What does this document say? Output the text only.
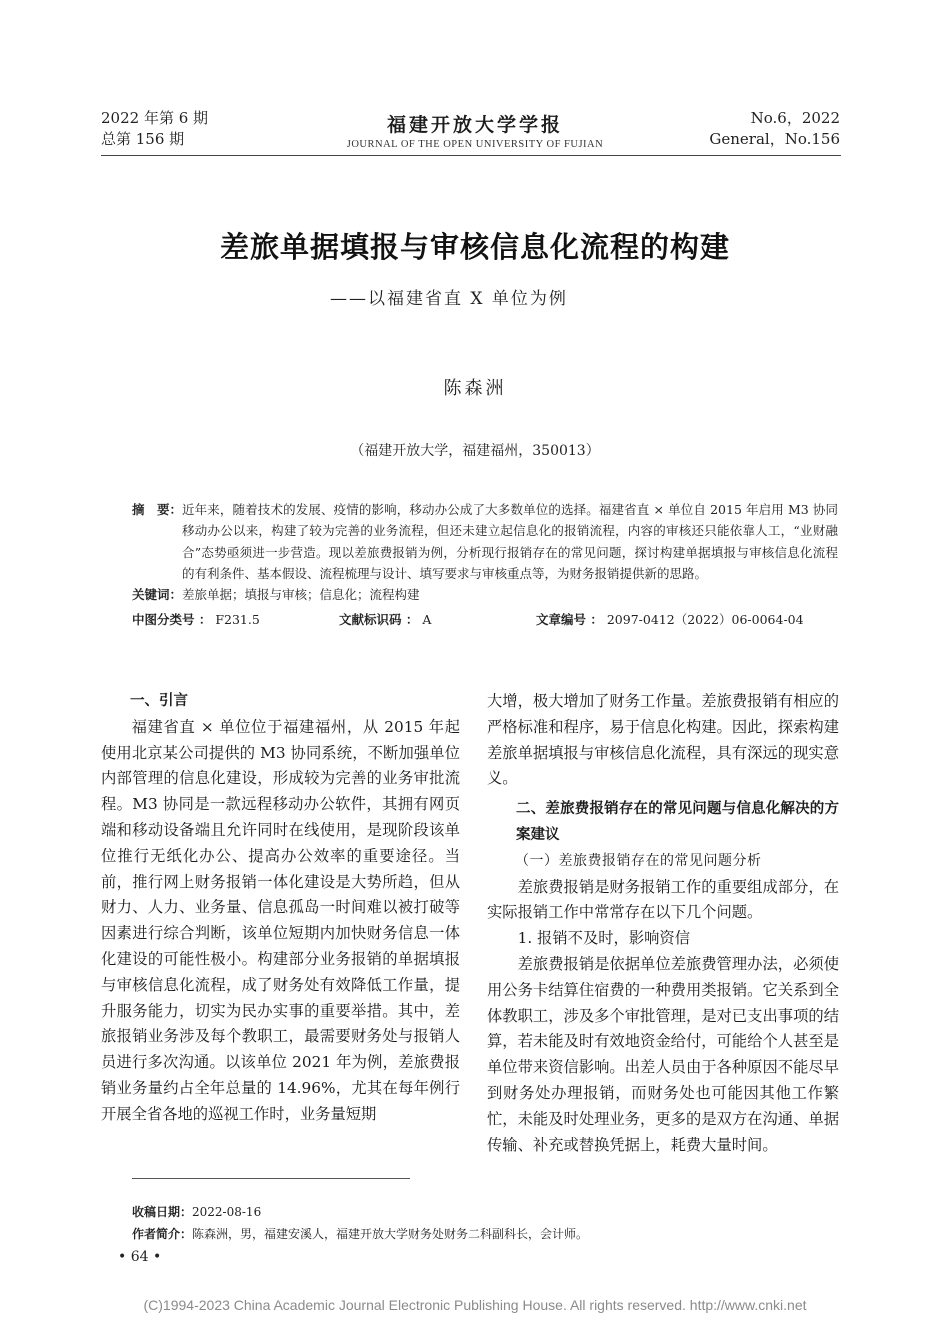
2022 年第 6 期
总第 156 期
福建开放大学学报
JOURNAL OF THE OPEN UNIVERSITY OF FUJIAN
No.6，2022
General，No.156
差旅单据填报与审核信息化流程的构建
——以福建省直 X 单位为例
陈森洲
（福建开放大学，福建福州，350013）
摘　要： 近年来，随着技术的发展、疫情的影响，移动办公成了大多数单位的选择。福建省直 × 单位自 2015 年启用 M3 协同移动办公以来，构建了较为完善的业务流程，但还未建立起信息化的报销流程，内容的审核还只能依靠人工，“业财融合”态势亟须进一步营造。现以差旅费报销为例，分析现行报销存在的常见问题，探讨构建单据填报与审核信息化流程的有利条件、基本假设、流程梳理与设计、填写要求与审核重点等，为财务报销提供新的思路。
关键词：差旅单据；填报与审核；信息化；流程构建
中图分类号 ： F231.5	文献标识码 ： A	文章编号 ： 2097-0412（2022）06-0064-04

一、引言

福建省直 × 单位位于福建福州，从 2015 年起使用北京某公司提供的 M3 协同系统，不断加强单位内部管理的信息化建设，形成较为完善的业务审批流程。M3 协同是一款远程移动办公软件，其拥有网页端和移动设备端且允许同时在线使用，是现阶段该单位推行无纸化办公、提高办公效率的重要途径。当前，推行网上财务报销一体化建设是大势所趋，但从财力、人力、业务量、信息孤岛一时间难以被打破等因素进行综合判断，该单位短期内加快财务信息一体化建设的可能性极小。构建部分业务报销的单据填报与审核信息化流程，成了财务处有效降低工作量，提升服务能力，切实为民办实事的重要举措。其中，差旅报销业务涉及每个教职工，最需要财务处与报销人员进行多次沟通。以该单位 2021 年为例，差旅费报销业务量约占全年总量的 14.96%，尤其在每年例行开展全省各地的巡视工作时，业务量短期

大增，极大增加了财务工作量。差旅费报销有相应的严格标准和程序，易于信息化构建。因此，探索构建差旅单据填报与审核信息化流程，具有深远的现实意义。

二、差旅费报销存在的常见问题与信息化解决的方案建议

（一）差旅费报销存在的常见问题分析

差旅费报销是财务报销工作的重要组成部分，在实际报销工作中常常存在以下几个问题。

1. 报销不及时，影响资信

差旅费报销是依据单位差旅费管理办法，必须使用公务卡结算住宿费的一种费用类报销。它关系到全体教职工，涉及多个审批管理，是对已支出事项的结算，若未能及时有效地资金给付，可能给个人甚至是单位带来资信影响。出差人员由于各种原因不能尽早到财务处办理报销，而财务处也可能因其他工作繁忙，未能及时处理业务，更多的是双方在沟通、单据传输、补充或替换凭据上，耗费大量时间。

收稿日期：2022-08-16
作者简介：陈森洲，男，福建安溪人，福建开放大学财务处财务二科副科长，会计师。
• 64 •
(C)1994-2023 China Academic Journal Electronic Publishing House. All rights reserved. http://www.cnki.net
